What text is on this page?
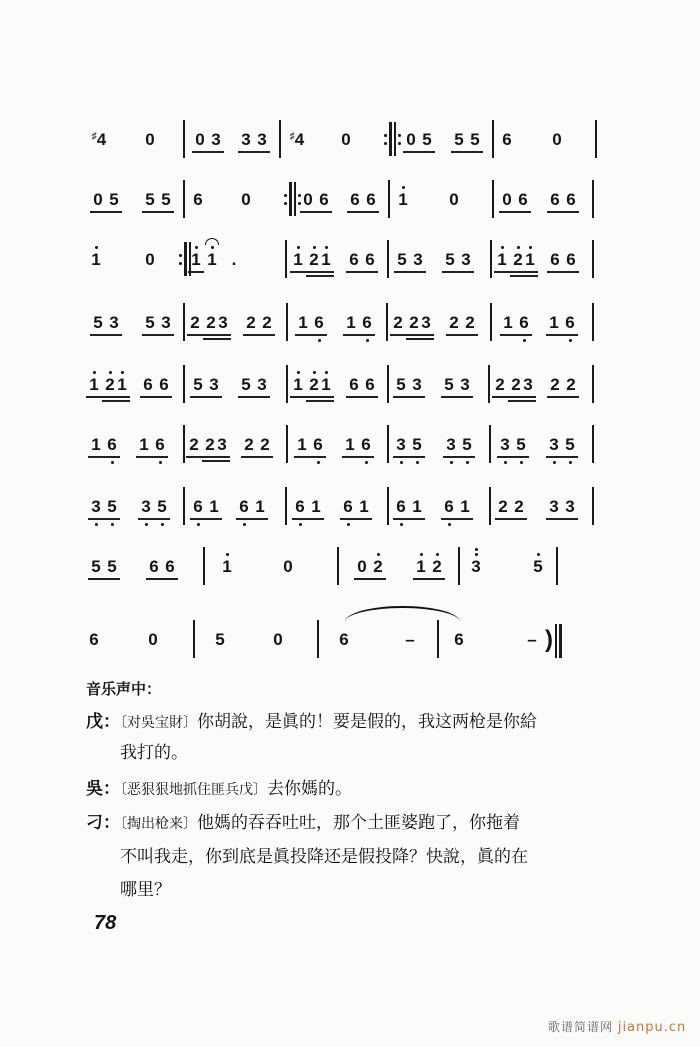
♯4 0 0 3 3 3	♯4 0	0 5 5 5 6 0
0 5 5 5 6 0	0 6 6 6 1 0	0 6 6 6
1	0 1 1 .	1 2 1 6 6 5 3 5 3 1 2 1 6 6
5 3 5 3 2 2 3 2 2 1 6 1 6 2 2 3 2 2 1 6 1 6
1 2 1 6 6 5 3 5 3 1 2 1 6 6 5 3 5 3 2 2 3 2 2
1 6 1 6 2 2 3 2 2 1 6 1 6 3 5 3 5 3 5 3 5
3 5 3 5 6 1 6 1 6 1 6 1 6 1 6 1 2 2 3 3
5 5 6 6	1	0	0 2 1 2 3	5
6	0	5	0	6	– 6	– )
音乐声中：
戊：〔对吳宝財〕你胡說，是眞的！要是假的，我这两枪是你給
我打的。
吳：〔恶狠狠地抓住匪兵戊〕去你媽的。
刁：〔掏出枪来〕他媽的吞吞吐吐，那个土匪婆跑了，你拖着
不叫我走，你到底是眞投降还是假投降？快說，眞的在
哪里？
78
歌谱简谱网 jianpu.cn
